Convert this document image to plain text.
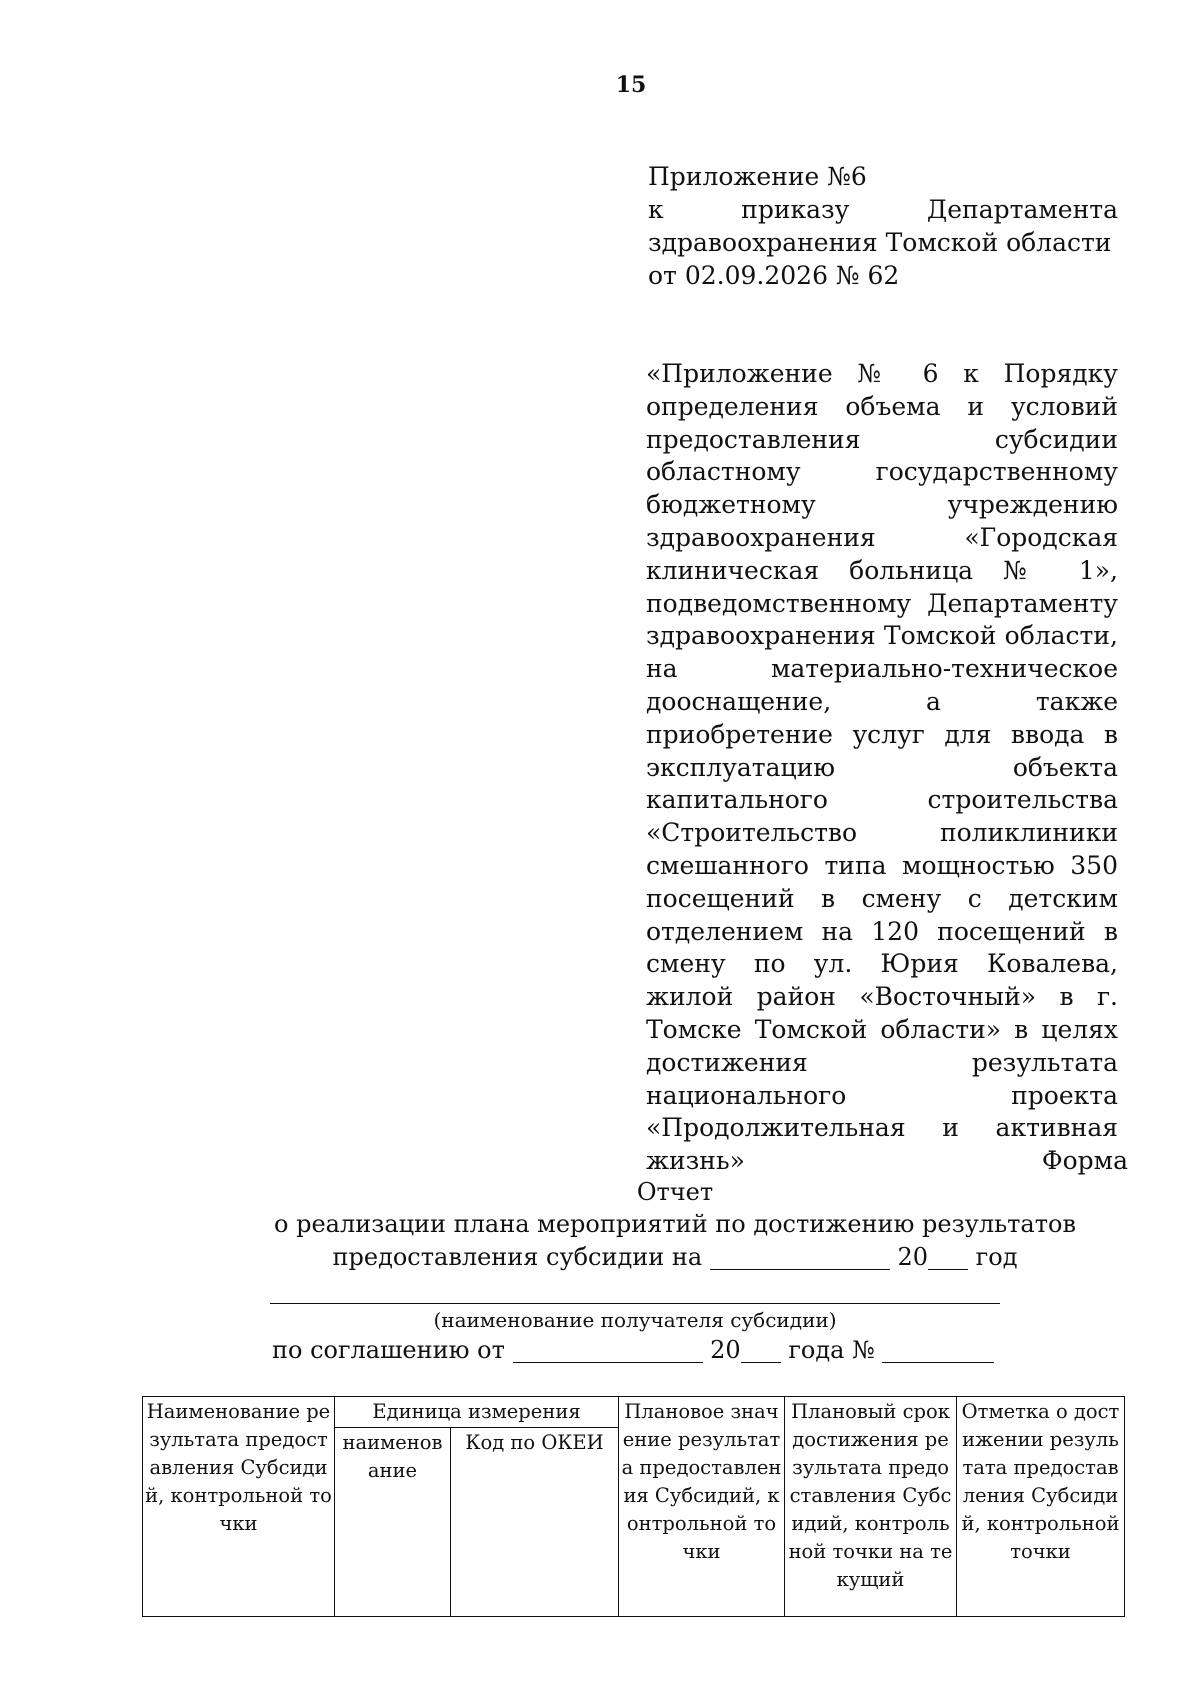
15
Приложение №6
к	приказу	Департамента
здравоохранения Томской области
от 02.09.2026 № 62
«Приложение № 6 к Порядку определения объема и условий предоставления субсидии областному государственному бюджетному учреждению здравоохранения «Городская клиническая больница № 1», подведомственному Департаменту здравоохранения Томской области, на материально-техническое дооснащение, а также приобретение услуг для ввода в эксплуатацию объекта капитального строительства «Строительство поликлиники смешанного типа мощностью 350 посещений в смену с детским отделением на 120 посещений в смену по ул. Юрия Ковалева, жилой район «Восточный» в г. Томске Томской области» в целях достижения результата национального проекта «Продолжительная и активная жизнь»	Форма
Отчет
о реализации плана мероприятий по достижению результатов
предоставления субсидии на	20 год
(наименование получателя субсидии)
по соглашению от	20 года №
Наименование результата предоставления Субсидий, контрольной точки	Единица измерения		Плановое значение результата предоставления Субсидий, контрольной точки	Плановый срок достижения результата предоставления Субсидий, контрольной точки на текущий	Отметка о достижении результата предоставления Субсидий, контрольной точки
	наименование	Код по ОКЕИ			
